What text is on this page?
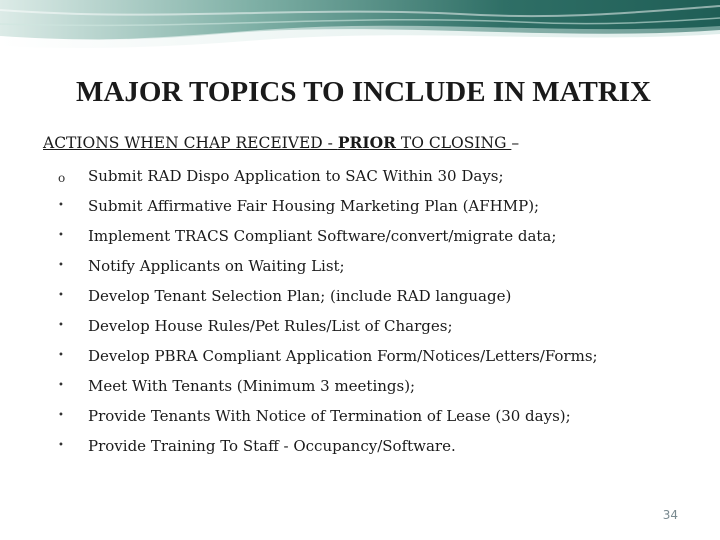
MAJOR TOPICS TO INCLUDE IN MATRIX
ACTIONS WHEN CHAP RECEIVED - PRIOR TO CLOSING –
o	Submit RAD Dispo Application to SAC Within 30 Days;
•	Submit Affirmative Fair Housing Marketing Plan (AFHMP);
•	Implement TRACS Compliant Software/convert/migrate data;
•	Notify Applicants on Waiting List;
•	Develop Tenant Selection Plan; (include RAD language)
•	Develop House Rules/Pet Rules/List of Charges;
•	Develop PBRA Compliant Application Form/Notices/Letters/Forms;
•	Meet With Tenants (Minimum 3 meetings);
•	Provide Tenants With Notice of Termination of Lease (30 days);
•	Provide Training To Staff - Occupancy/Software.
34
